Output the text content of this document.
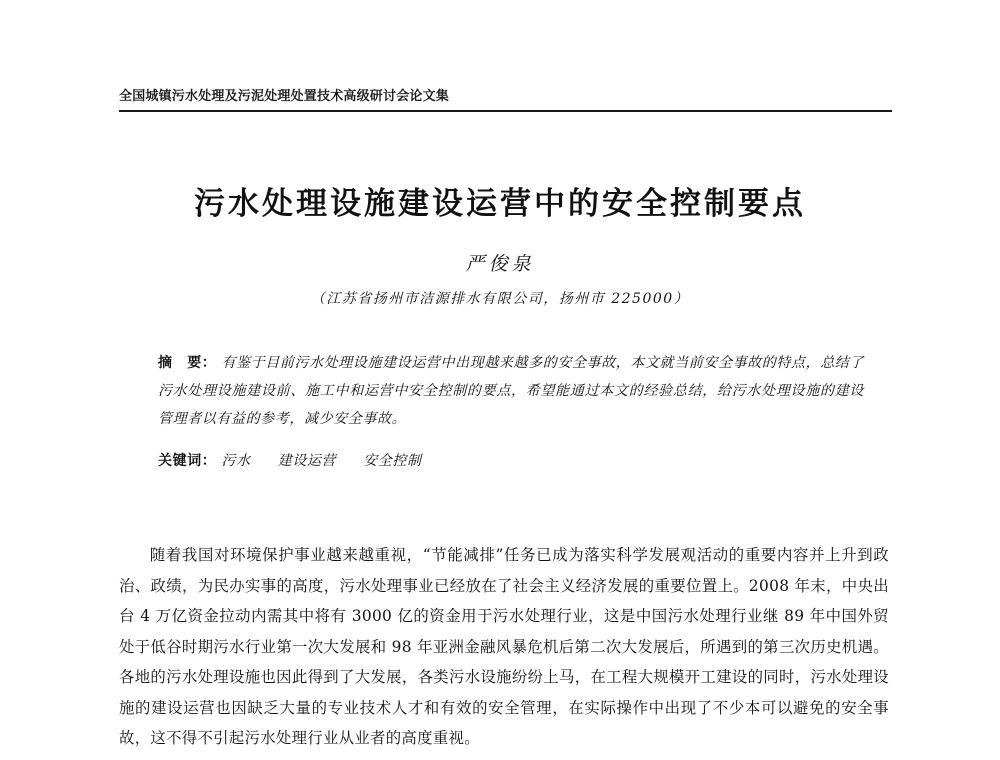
全国城镇污水处理及污泥处理处置技术高级研讨会论文集
污水处理设施建设运营中的安全控制要点
严俊泉
（江苏省扬州市洁源排水有限公司，扬州市 225000）
摘　要： 有鉴于目前污水处理设施建设运营中出现越来越多的安全事故，本文就当前安全事故的特点，总结了污水处理设施建设前、施工中和运营中安全控制的要点，希望能通过本文的经验总结，给污水处理设施的建设管理者以有益的参考，减少安全事故。
关键词： 污水 建设运营 安全控制

随着我国对环境保护事业越来越重视，“节能减排”任务已成为落实科学发展观活动的重要内容并上升到政治、政绩，为民办实事的高度，污水处理事业已经放在了社会主义经济发展的重要位置上。2008 年末，中央出台 4 万亿资金拉动内需其中将有 3000 亿的资金用于污水处理行业，这是中国污水处理行业继 89 年中国外贸处于低谷时期污水行业第一次大发展和 98 年亚洲金融风暴危机后第二次大发展后，所遇到的第三次历史机遇。各地的污水处理设施也因此得到了大发展，各类污水设施纷纷上马，在工程大规模开工建设的同时，污水处理设施的建设运营也因缺乏大量的专业技术人才和有效的安全管理，在实际操作中出现了不少本可以避免的安全事故，这不得不引起污水处理行业从业者的高度重视。
